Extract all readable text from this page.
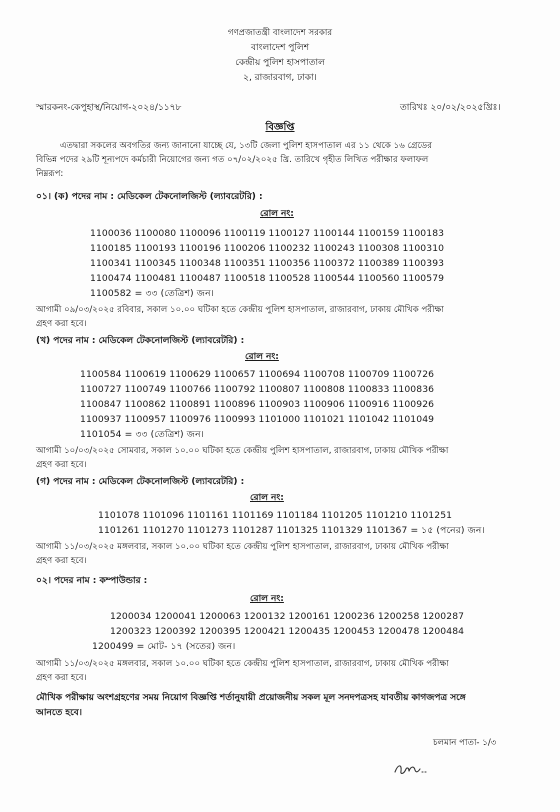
গণপ্রজাতন্ত্রী বাংলাদেশ সরকার
বাংলাদেশ পুলিশ
কেন্দ্রীয় পুলিশ হাসপাতাল
২, রাজারবাগ, ঢাকা।
স্মারকনং-কেপুহাস্থ/নিয়োগ-২০২৪/১১৭৮	তারিখঃ ২০/০২/২০২৫খ্রিঃ।
বিজ্ঞপ্তি
এতদ্বারা সকলের অবগতির জন্য জানানো যাচ্ছে যে, ১৩টি জেলা পুলিশ হাসপাতাল এর ১১ থেকে ১৬ গ্রেডের
বিভিন্ন পদের ২৯টি শূন্যপদে কর্মচারী নিয়োগের জন্য গত ০৭/০২/২০২৫ খ্রি. তারিখে গৃহীত লিখিত পরীক্ষার ফলাফল
নিম্নরূপ:
০১। (ক) পদের নাম : মেডিকেল টেকনোলজিস্ট (ল্যাবরেটরি) :
রোল নং:
1100036 1100080 1100096 1100119 1100127 1100144 1100159 1100183
1100185 1100193 1100196 1100206 1100232 1100243 1100308 1100310
1100341 1100345 1100348 1100351 1100356 1100372 1100389 1100393
1100474 1100481 1100487 1100518 1100528 1100544 1100560 1100579
1100582 = ৩৩ (তেত্রিশ) জন।
আগামী ০৯/০৩/২০২৫ রবিবার, সকাল ১০.০০ ঘটিকা হতে কেন্দ্রীয় পুলিশ হাসপাতাল, রাজারবাগ, ঢাকায় মৌখিক পরীক্ষা
গ্রহণ করা হবে।
(খ) পদের নাম : মেডিকেল টেকনোলজিস্ট (ল্যাবরেটরি) :
রোল নং:
1100584 1100619 1100629 1100657 1100694 1100708 1100709 1100726
1100727 1100749 1100766 1100792 1100807 1100808 1100833 1100836
1100847 1100862 1100891 1100896 1100903 1100906 1100916 1100926
1100937 1100957 1100976 1100993 1101000 1101021 1101042 1101049
1101054 = ৩৩ (তেত্রিশ) জন।
আগামী ১০/০৩/২০২৫ সোমবার, সকাল ১০.০০ ঘটিকা হতে কেন্দ্রীয় পুলিশ হাসপাতাল, রাজারবাগ, ঢাকায় মৌখিক পরীক্ষা
গ্রহণ করা হবে।
(গ) পদের নাম : মেডিকেল টেকনোলজিস্ট (ল্যাবরেটরি) :
রোল নং:
1101078 1101096 1101161 1101169 1101184 1101205 1101210 1101251
1101261 1101270 1101273 1101287 1101325 1101329 1101367 = ১৫ (পনের) জন।
আগামী ১১/০৩/২০২৫ মঙ্গলবার, সকাল ১০.০০ ঘটিকা হতে কেন্দ্রীয় পুলিশ হাসপাতাল, রাজারবাগ, ঢাকায় মৌখিক পরীক্ষা
গ্রহণ করা হবে।
০২। পদের নাম : কম্পাউন্ডার :
রোল নং:
1200034 1200041 1200063 1200132 1200161 1200236 1200258 1200287
1200323 1200392 1200395 1200421 1200435 1200453 1200478 1200484
1200499 = মোট- ১৭ (সতের) জন।
আগামী ১১/০৩/২০২৫ মঙ্গলবার, সকাল ১০.০০ ঘটিকা হতে কেন্দ্রীয় পুলিশ হাসপাতাল, রাজারবাগ, ঢাকায় মৌখিক পরীক্ষা
গ্রহণ করা হবে।
মৌখিক পরীক্ষায় অংশগ্রহণের সময় নিয়োগ বিজ্ঞপ্তি শর্তানুযায়ী প্রয়োজনীয় সকল মূল সনদপত্রসহ যাবতীয় কাগজপত্র সঙ্গে
আনতে হবে।
চলমান পাতা- ১/৩
